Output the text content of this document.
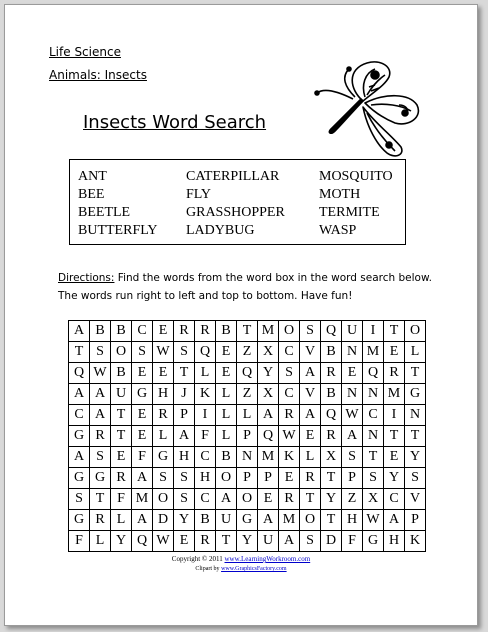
Life Science
Animals: Insects
Insects Word Search
ANT	CATERPILLAR	MOSQUITO
BEE	FLY	MOTH
BEETLE	GRASSHOPPER TERMITE
BUTTERFLY LADYBUG	WASP
Directions: Find the words from the word box in the word search below. The words run right to left and top to bottom. Have fun!
A	B	B	C	E	R	R	B	T	M	O	S	Q	U	I	T	O
T	S	O	S	W	S	Q	E	Z	X	C	V	B	N	M	E	L
Q	W	B	E	E	T	L	E	Q	Y	S	A	R	E	Q	R	T
A	A	U	G	H	J	K	L	Z	X	C	V	B	N	N	M	G
C	A	T	E	R	P	I	L	L	A	R	A	Q	W	C	I	N
G	R	T	E	L	A	F	L	P	Q	W	E	R	A	N	T	T
A	S	E	F	G	H	C	B	N	M	K	L	X	S	T	E	Y
G	G	R	A	S	S	H	O	P	P	E	R	T	P	S	Y	S
S	T	F	M	O	S	C	A	O	E	R	T	Y	Z	X	C	V
G	R	L	A	D	Y	B	U	G	A	M	O	T	H	W	A	P
F	L	Y	Q	W	E	R	T	Y	U	A	S	D	F	G	H	K
Copyright © 2011 www.LearningWorkroom.com
Clipart by www.GraphicsFactory.com
